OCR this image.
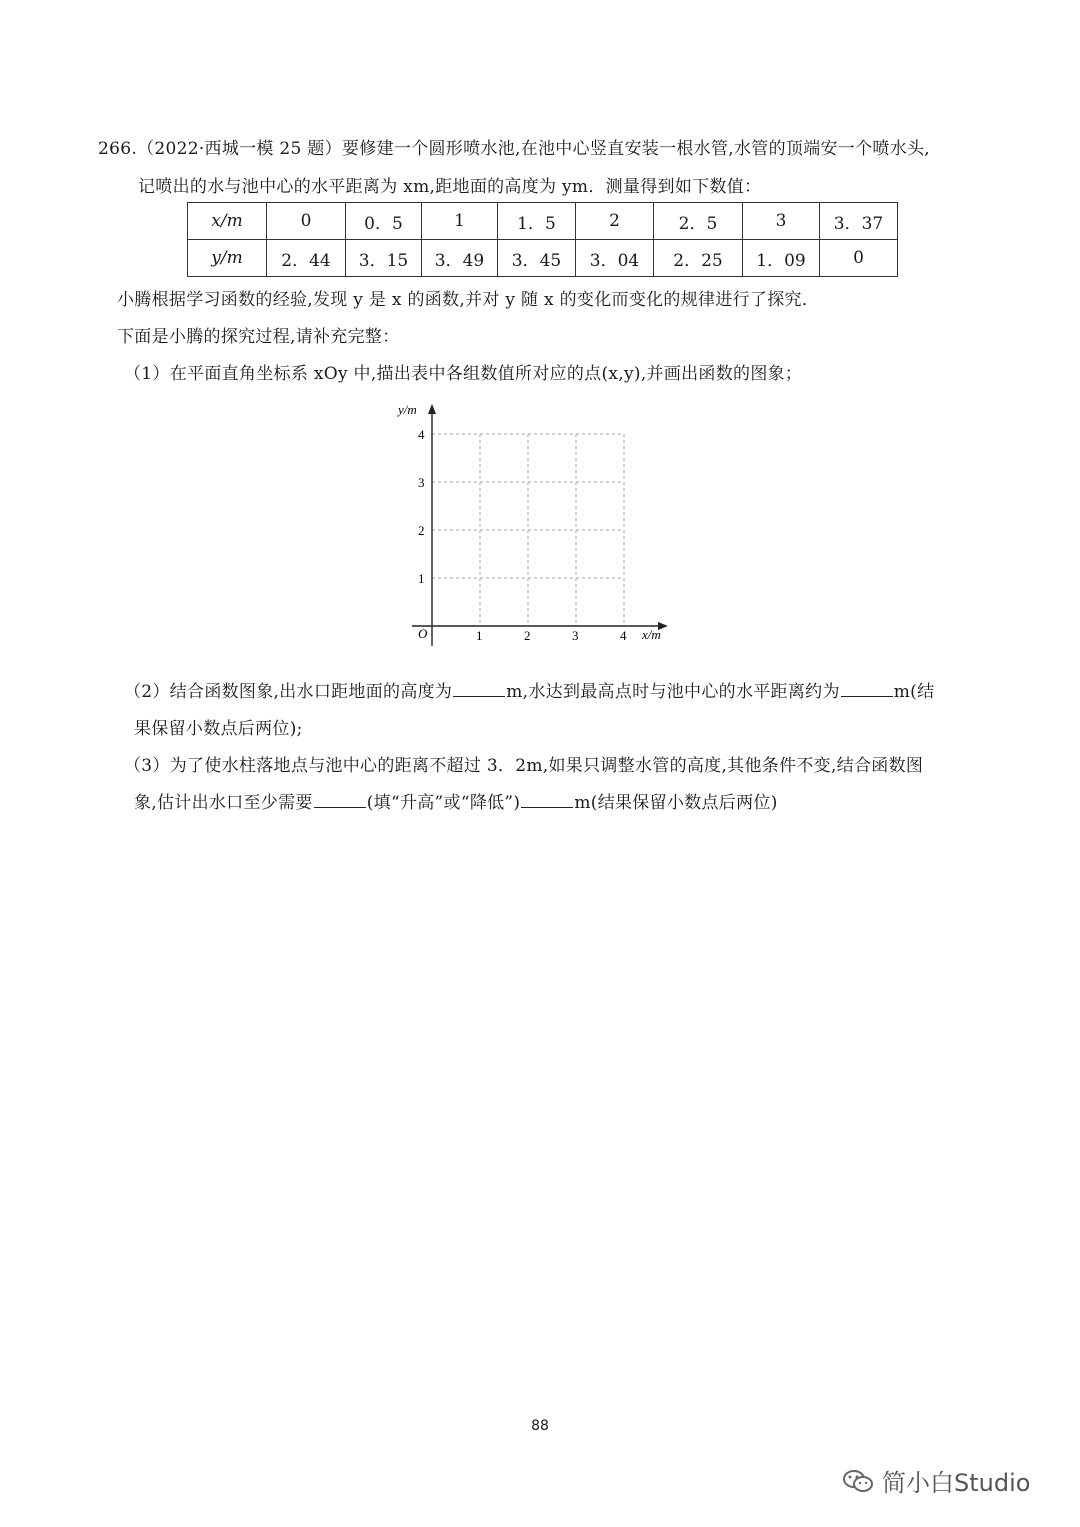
266.（2022·西城一模 25 题）要修建一个圆形喷水池,在池中心竖直安装一根水管,水管的顶端安一个喷水头,
记喷出的水与池中心的水平距离为 xm,距地面的高度为 ym．测量得到如下数值：
x/m	0	0．5	1	1．5	2	2．5	3	3．37
y/m	2．44	3．15	3．49	3．45	3．04	2．25	1．09	0
小腾根据学习函数的经验,发现 y 是 x 的函数,并对 y 随 x 的变化而变化的规律进行了探究．
下面是小腾的探究过程,请补充完整：
（1）在平面直角坐标系 xOy 中,描出表中各组数值所对应的点(x,y),并画出函数的图象；
y/m
x/m
O	1	2	3	4
1
2
3
4
（2）结合函数图象,出水口距地面的高度为	m,水达到最高点时与池中心的水平距离约为	m(结
果保留小数点后两位);
（3）为了使水柱落地点与池中心的距离不超过 3．2m,如果只调整水管的高度,其他条件不变,结合函数图
象,估计出水口至少需要	(填“升高”或“降低”)	m(结果保留小数点后两位)
88
简小白Studio
